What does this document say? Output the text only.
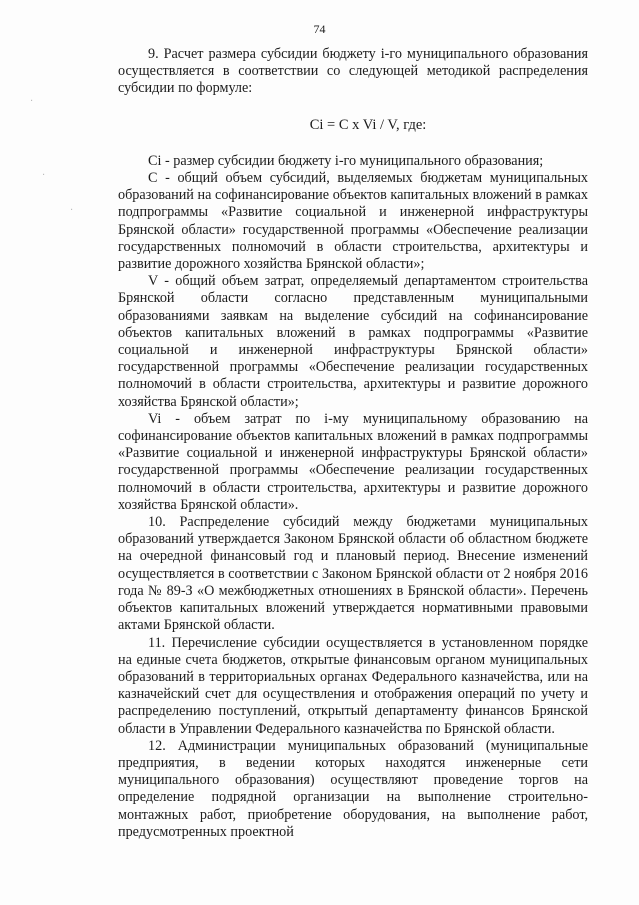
74
·
·
·

9. Расчет размера субсидии бюджету i-го муниципального образования осуществляется в соответствии со следующей методикой распределения субсидии по формуле:

Ci = C x Vi / V, где:

Ci - размер субсидии бюджету i-го муниципального образования;

С - общий объем субсидий, выделяемых бюджетам муниципальных образований на софинансирование объектов капитальных вложений в рамках подпрограммы «Развитие социальной и инженерной инфраструктуры Брянской области» государственной программы «Обеспечение реализации государственных полномочий в области строительства, архитектуры и развитие дорожного хозяйства Брянской области»;

V - общий объем затрат, определяемый департаментом строительства Брянской области согласно представленным муниципальными образованиями заявкам на выделение субсидий на софинансирование объектов капитальных вложений в рамках подпрограммы «Развитие социальной и инженерной инфраструктуры Брянской области» государственной программы «Обеспечение реализации государственных полномочий в области строительства, архитектуры и развитие дорожного хозяйства Брянской области»;

Vi - объем затрат по i-му муниципальному образованию на софинансирование объектов капитальных вложений в рамках подпрограммы «Развитие социальной и инженерной инфраструктуры Брянской области» государственной программы «Обеспечение реализации государственных полномочий в области строительства, архитектуры и развитие дорожного хозяйства Брянской области».

10. Распределение субсидий между бюджетами муниципальных образований утверждается Законом Брянской области об областном бюджете на очередной финансовый год и плановый период. Внесение изменений осуществляется в соответствии с Законом Брянской области от 2 ноября 2016 года № 89-З «О межбюджетных отношениях в Брянской области». Перечень объектов капитальных вложений утверждается нормативными правовыми актами Брянской области.

11. Перечисление субсидии осуществляется в установленном порядке на единые счета бюджетов, открытые финансовым органом муниципальных образований в территориальных органах Федерального казначейства, или на казначейский счет для осуществления и отображения операций по учету и распределению поступлений, открытый департаменту финансов Брянской области в Управлении Федерального казначейства по Брянской области.

12. Администрации муниципальных образований (муниципальные предприятия, в ведении которых находятся инженерные сети муниципального образования) осуществляют проведение торгов на определение подрядной организации на выполнение строительно-монтажных работ, приобретение оборудования, на выполнение работ, предусмотренных проектной
